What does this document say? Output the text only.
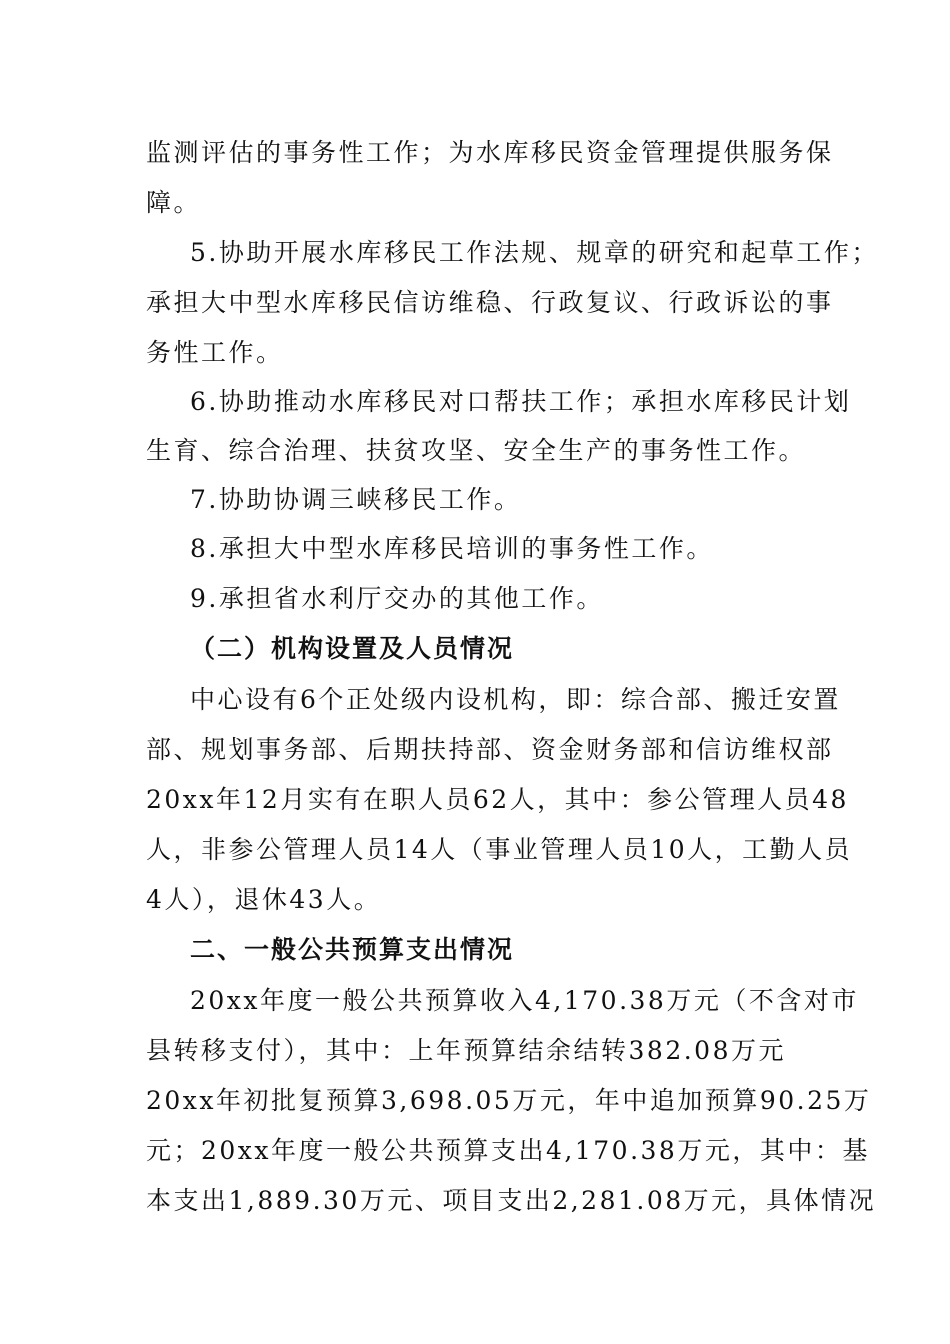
监测评估的事务性工作；为水库移民资金管理提供服务保
障。
5.协助开展水库移民工作法规、规章的研究和起草工作；
承担大中型水库移民信访维稳、行政复议、行政诉讼的事
务性工作。
6.协助推动水库移民对口帮扶工作；承担水库移民计划
生育、综合治理、扶贫攻坚、安全生产的事务性工作。
7.协助协调三峡移民工作。
8.承担大中型水库移民培训的事务性工作。
9.承担省水利厅交办的其他工作。
（二）机构设置及人员情况
中心设有6个正处级内设机构，即：综合部、搬迁安置
部、规划事务部、后期扶持部、资金财务部和信访维权部
20xx年12月实有在职人员62人，其中：参公管理人员48
人，非参公管理人员14人（事业管理人员10人，工勤人员
4人），退休43人。
二、一般公共预算支出情况
20xx年度一般公共预算收入4,170.38万元（不含对市
县转移支付），其中：上年预算结余结转382.08万元
20xx年初批复预算3,698.05万元，年中追加预算90.25万
元；20xx年度一般公共预算支出4,170.38万元，其中：基
本支出1,889.30万元、项目支出2,281.08万元，具体情况
